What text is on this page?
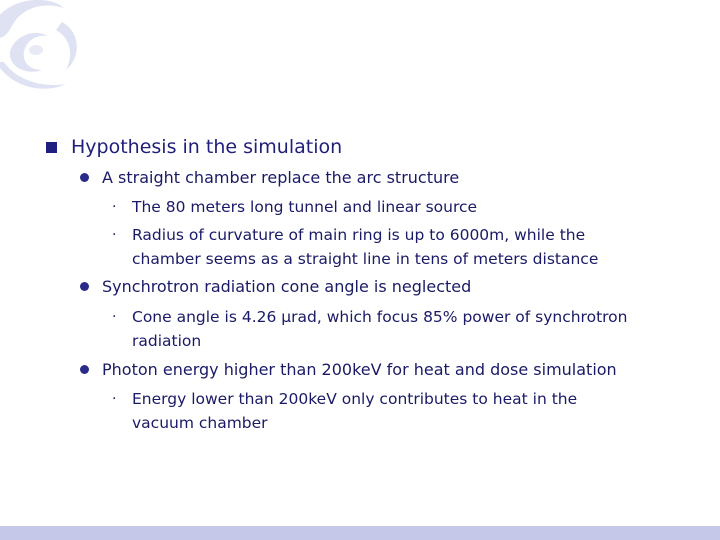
Hypothesis in the simulation
A straight chamber replace the arc structure
· The 80 meters long tunnel and linear source
· Radius of curvature of main ring is up to 6000m, while the
chamber seems as a straight line in tens of meters distance
Synchrotron radiation cone angle is neglected
· Cone angle is 4.26 μrad, which focus 85% power of synchrotron
radiation
Photon energy higher than 200keV for heat and dose simulation
· Energy lower than 200keV only contributes to heat in the
vacuum chamber
